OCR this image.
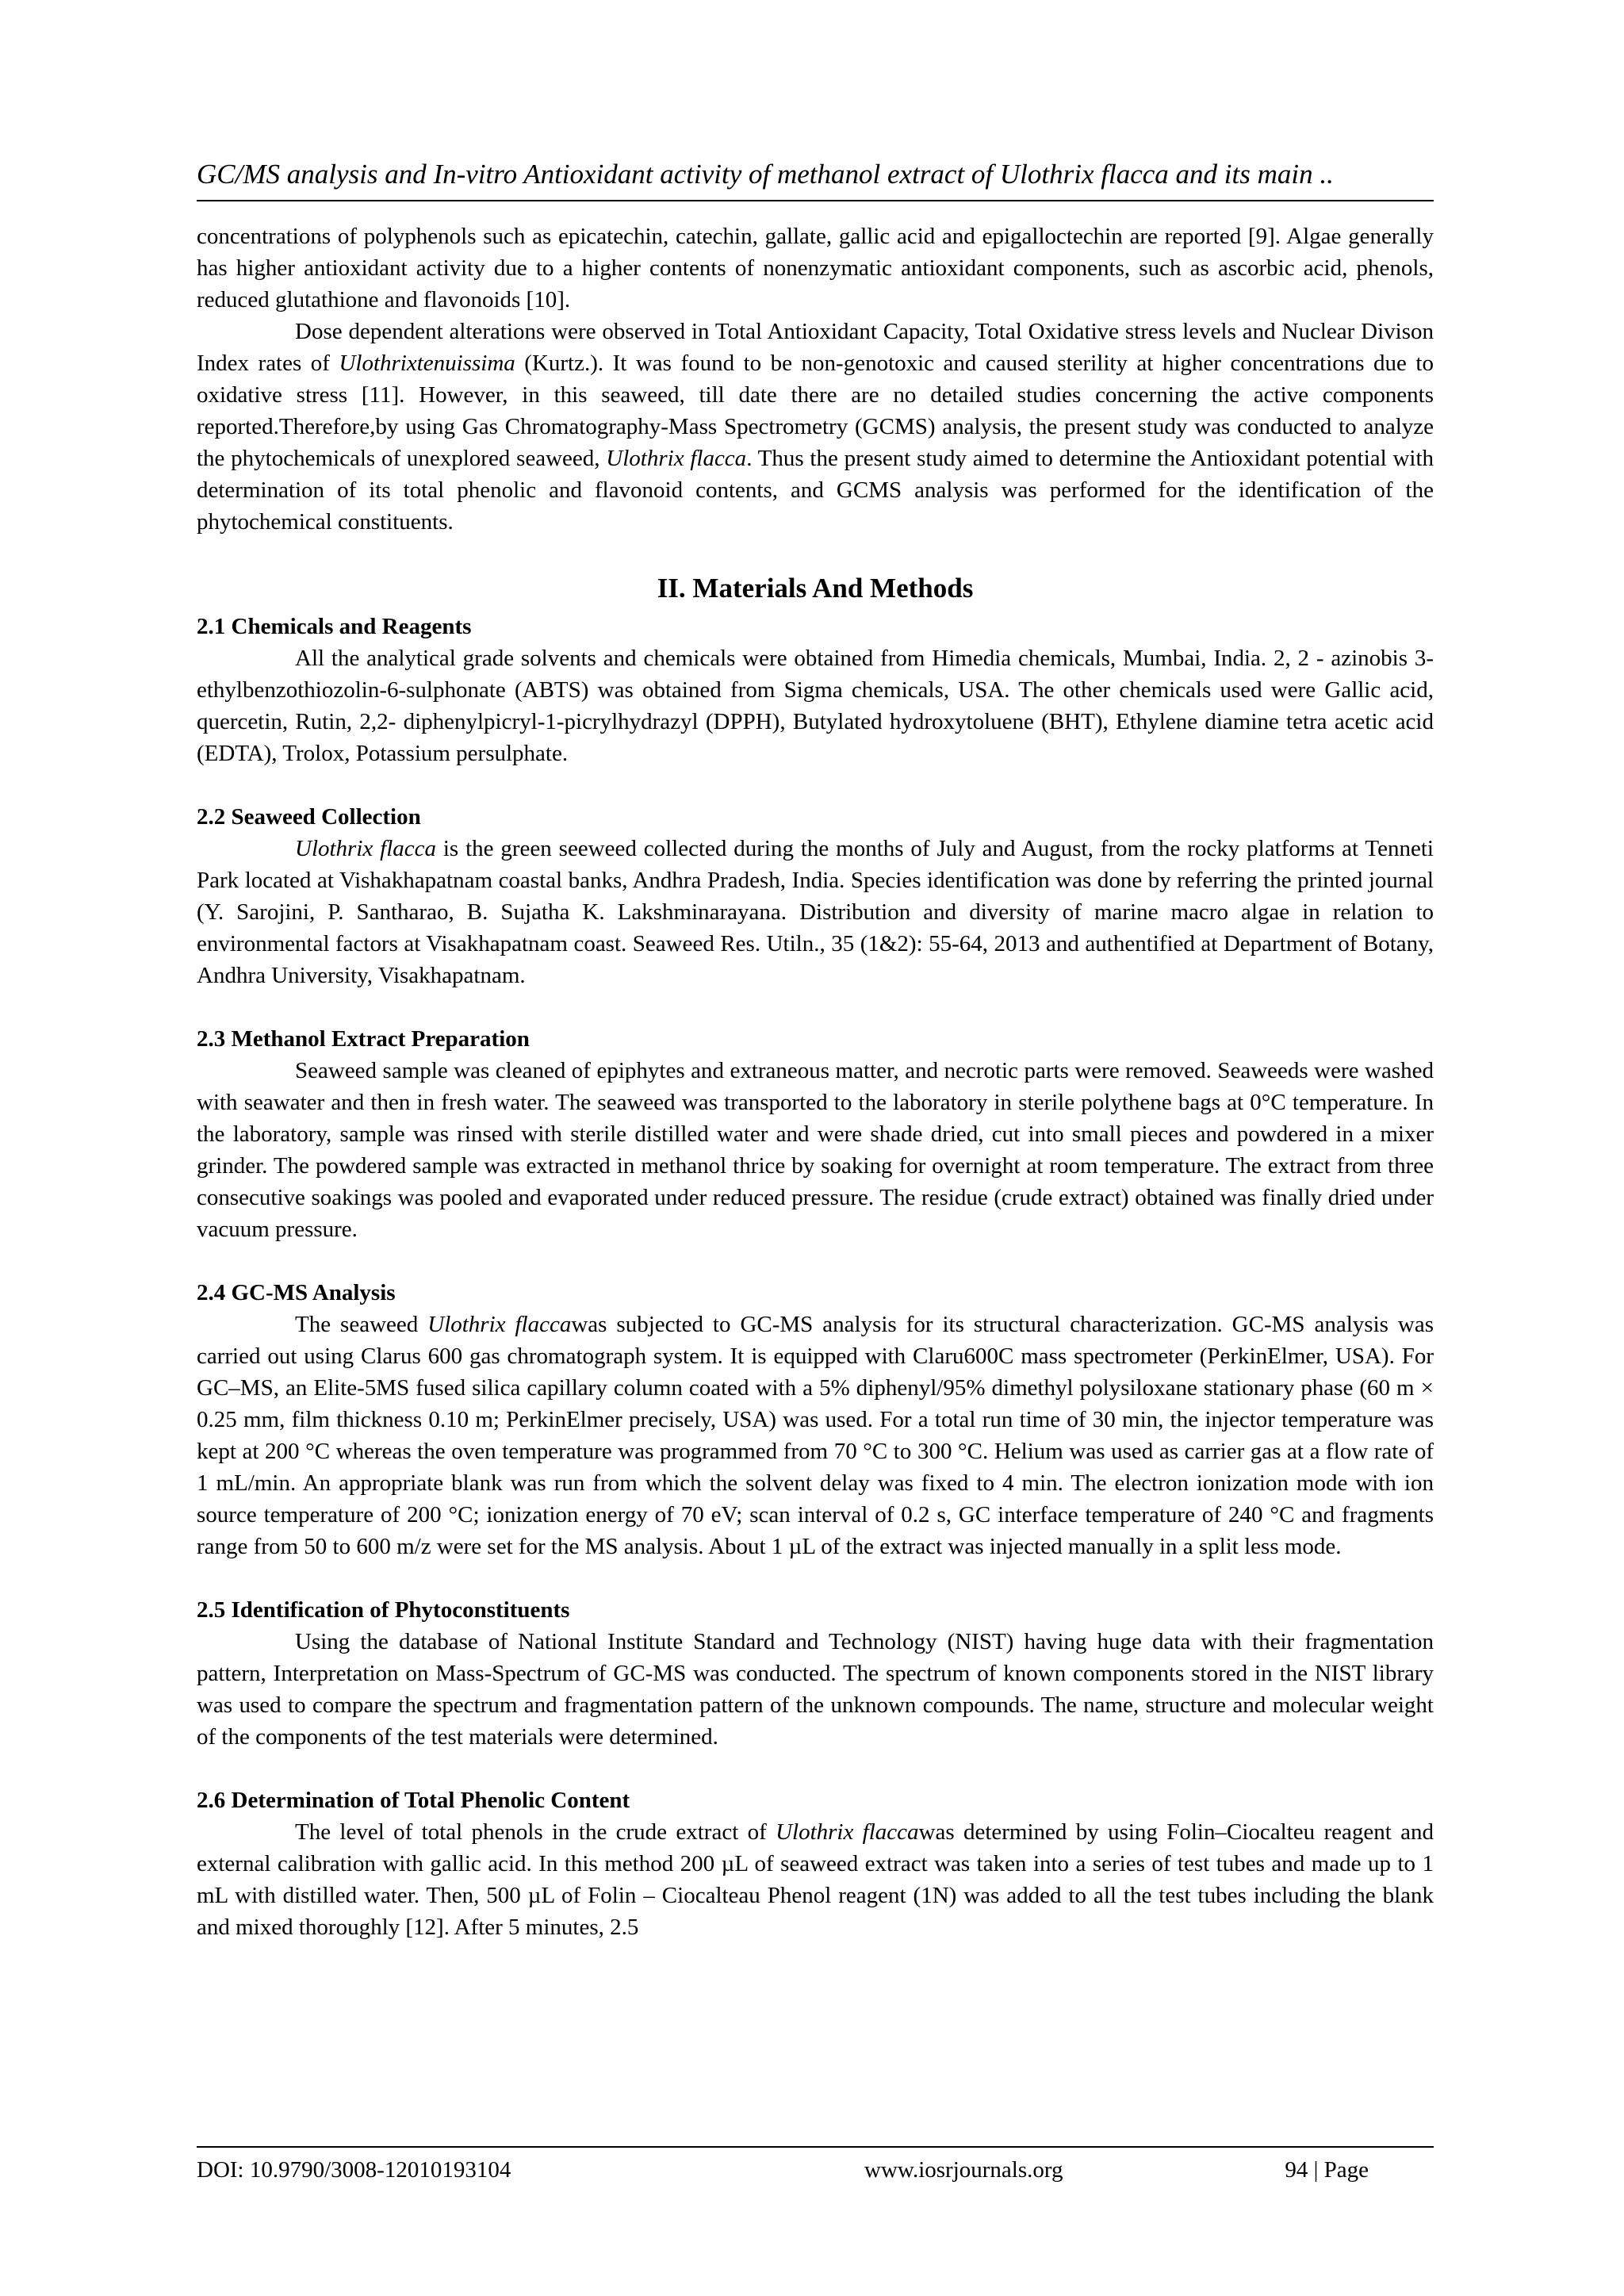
GC/MS analysis and In-vitro Antioxidant activity of methanol extract of Ulothrix flacca and its main ..

concentrations of polyphenols such as epicatechin, catechin, gallate, gallic acid and epigalloctechin are reported [9]. Algae generally has higher antioxidant activity due to a higher contents of nonenzymatic antioxidant components, such as ascorbic acid, phenols, reduced glutathione and flavonoids [10].

Dose dependent alterations were observed in Total Antioxidant Capacity, Total Oxidative stress levels and Nuclear Divison Index rates of Ulothrixtenuissima (Kurtz.). It was found to be non-genotoxic and caused sterility at higher concentrations due to oxidative stress [11]. However, in this seaweed, till date there are no detailed studies concerning the active components reported.Therefore,by using Gas Chromatography-Mass Spectrometry (GCMS) analysis, the present study was conducted to analyze the phytochemicals of unexplored seaweed, Ulothrix flacca. Thus the present study aimed to determine the Antioxidant potential with determination of its total phenolic and flavonoid contents, and GCMS analysis was performed for the identification of the phytochemical constituents.

II. Materials And Methods

2.1 Chemicals and Reagents

All the analytical grade solvents and chemicals were obtained from Himedia chemicals, Mumbai, India. 2, 2 - azinobis 3-ethylbenzothiozolin-6-sulphonate (ABTS) was obtained from Sigma chemicals, USA. The other chemicals used were Gallic acid, quercetin, Rutin, 2,2- diphenylpicryl-1-picrylhydrazyl (DPPH), Butylated hydroxytoluene (BHT), Ethylene diamine tetra acetic acid (EDTA), Trolox, Potassium persulphate.

2.2 Seaweed Collection

Ulothrix flacca is the green seeweed collected during the months of July and August, from the rocky platforms at Tenneti Park located at Vishakhapatnam coastal banks, Andhra Pradesh, India. Species identification was done by referring the printed journal (Y. Sarojini, P. Santharao, B. Sujatha K. Lakshminarayana. Distribution and diversity of marine macro algae in relation to environmental factors at Visakhapatnam coast. Seaweed Res. Utiln., 35 (1&2): 55-64, 2013 and authentified at Department of Botany, Andhra University, Visakhapatnam.

2.3 Methanol Extract Preparation

Seaweed sample was cleaned of epiphytes and extraneous matter, and necrotic parts were removed. Seaweeds were washed with seawater and then in fresh water. The seaweed was transported to the laboratory in sterile polythene bags at 0°C temperature. In the laboratory, sample was rinsed with sterile distilled water and were shade dried, cut into small pieces and powdered in a mixer grinder. The powdered sample was extracted in methanol thrice by soaking for overnight at room temperature. The extract from three consecutive soakings was pooled and evaporated under reduced pressure. The residue (crude extract) obtained was finally dried under vacuum pressure.

2.4 GC-MS Analysis

The seaweed Ulothrix flaccawas subjected to GC-MS analysis for its structural characterization. GC-MS analysis was carried out using Clarus 600 gas chromatograph system. It is equipped with Claru600C mass spectrometer (PerkinElmer, USA). For GC–MS, an Elite-5MS fused silica capillary column coated with a 5% diphenyl/95% dimethyl polysiloxane stationary phase (60 m × 0.25 mm, film thickness 0.10 m; PerkinElmer precisely, USA) was used. For a total run time of 30 min, the injector temperature was kept at 200 °C whereas the oven temperature was programmed from 70 °C to 300 °C. Helium was used as carrier gas at a flow rate of 1 mL/min. An appropriate blank was run from which the solvent delay was fixed to 4 min. The electron ionization mode with ion source temperature of 200 °C; ionization energy of 70 eV; scan interval of 0.2 s, GC interface temperature of 240 °C and fragments range from 50 to 600 m/z were set for the MS analysis. About 1 µL of the extract was injected manually in a split less mode.

2.5 Identification of Phytoconstituents

Using the database of National Institute Standard and Technology (NIST) having huge data with their fragmentation pattern, Interpretation on Mass-Spectrum of GC-MS was conducted. The spectrum of known components stored in the NIST library was used to compare the spectrum and fragmentation pattern of the unknown compounds. The name, structure and molecular weight of the components of the test materials were determined.

2.6 Determination of Total Phenolic Content

The level of total phenols in the crude extract of Ulothrix flaccawas determined by using Folin–Ciocalteu reagent and external calibration with gallic acid. In this method 200 µL of seaweed extract was taken into a series of test tubes and made up to 1 mL with distilled water. Then, 500 µL of Folin – Ciocalteau Phenol reagent (1N) was added to all the test tubes including the blank and mixed thoroughly [12]. After 5 minutes, 2.5

DOI: 10.9790/3008-12010193104	www.iosrjournals.org	94 | Page
